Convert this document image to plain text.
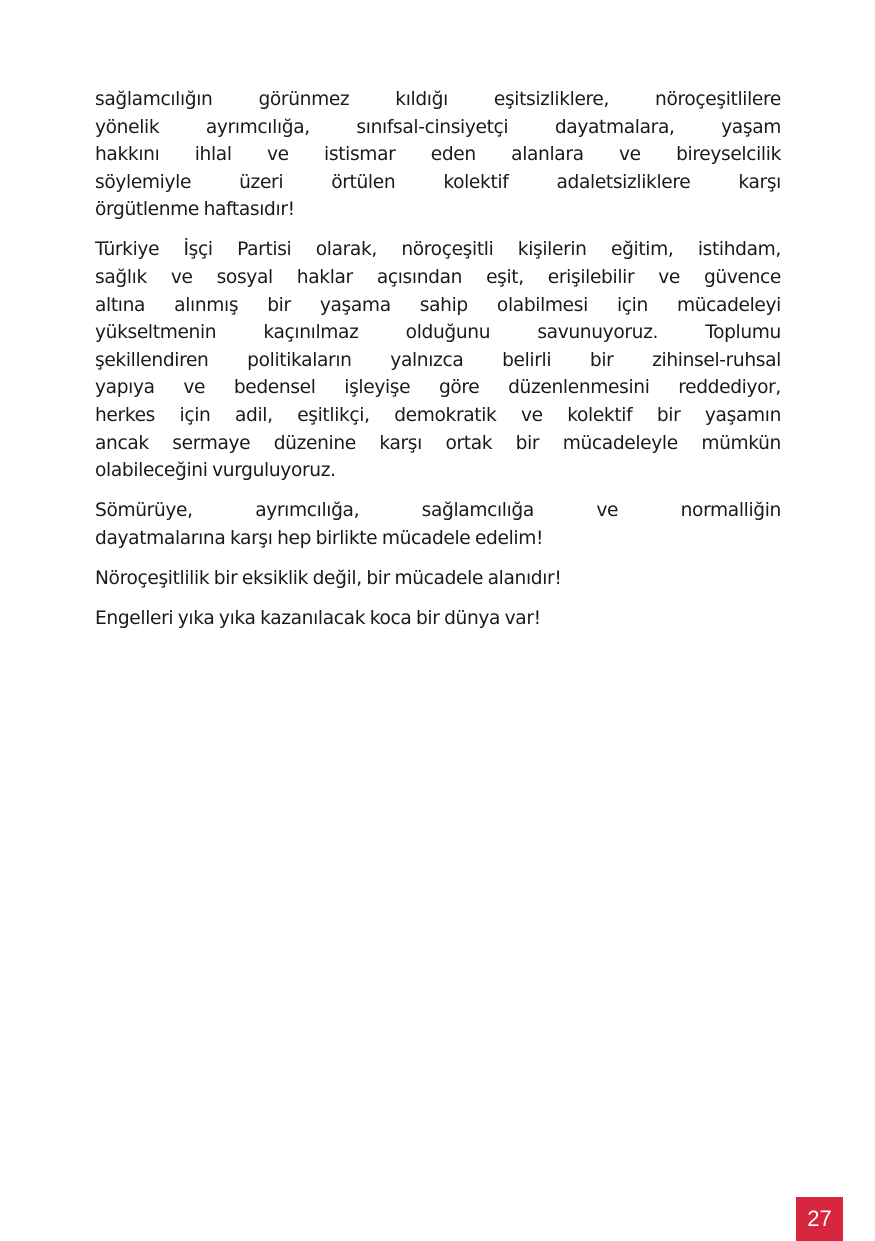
sağlamcılığın görünmez kıldığı eşitsizliklere, nöroçeşitlilere
yönelik ayrımcılığa, sınıfsal-cinsiyetçi dayatmalara, yaşam
hakkını ihlal ve istismar eden alanlara ve bireyselcilik
söylemiyle üzeri örtülen kolektif adaletsizliklere karşı
örgütlenme haftasıdır!
Türkiye İşçi Partisi olarak, nöroçeşitli kişilerin eğitim, istihdam,
sağlık ve sosyal haklar açısından eşit, erişilebilir ve güvence
altına alınmış bir yaşama sahip olabilmesi için mücadeleyi
yükseltmenin kaçınılmaz olduğunu savunuyoruz. Toplumu
şekillendiren politikaların yalnızca belirli bir zihinsel-ruhsal
yapıya ve bedensel işleyişe göre düzenlenmesini reddediyor,
herkes için adil, eşitlikçi, demokratik ve kolektif bir yaşamın
ancak sermaye düzenine karşı ortak bir mücadeleyle mümkün
olabileceğini vurguluyoruz.
Sömürüye, ayrımcılığa, sağlamcılığa ve normalliğin
dayatmalarına karşı hep birlikte mücadele edelim!
Nöroçeşitlilik bir eksiklik değil, bir mücadele alanıdır!
Engelleri yıka yıka kazanılacak koca bir dünya var!
27
